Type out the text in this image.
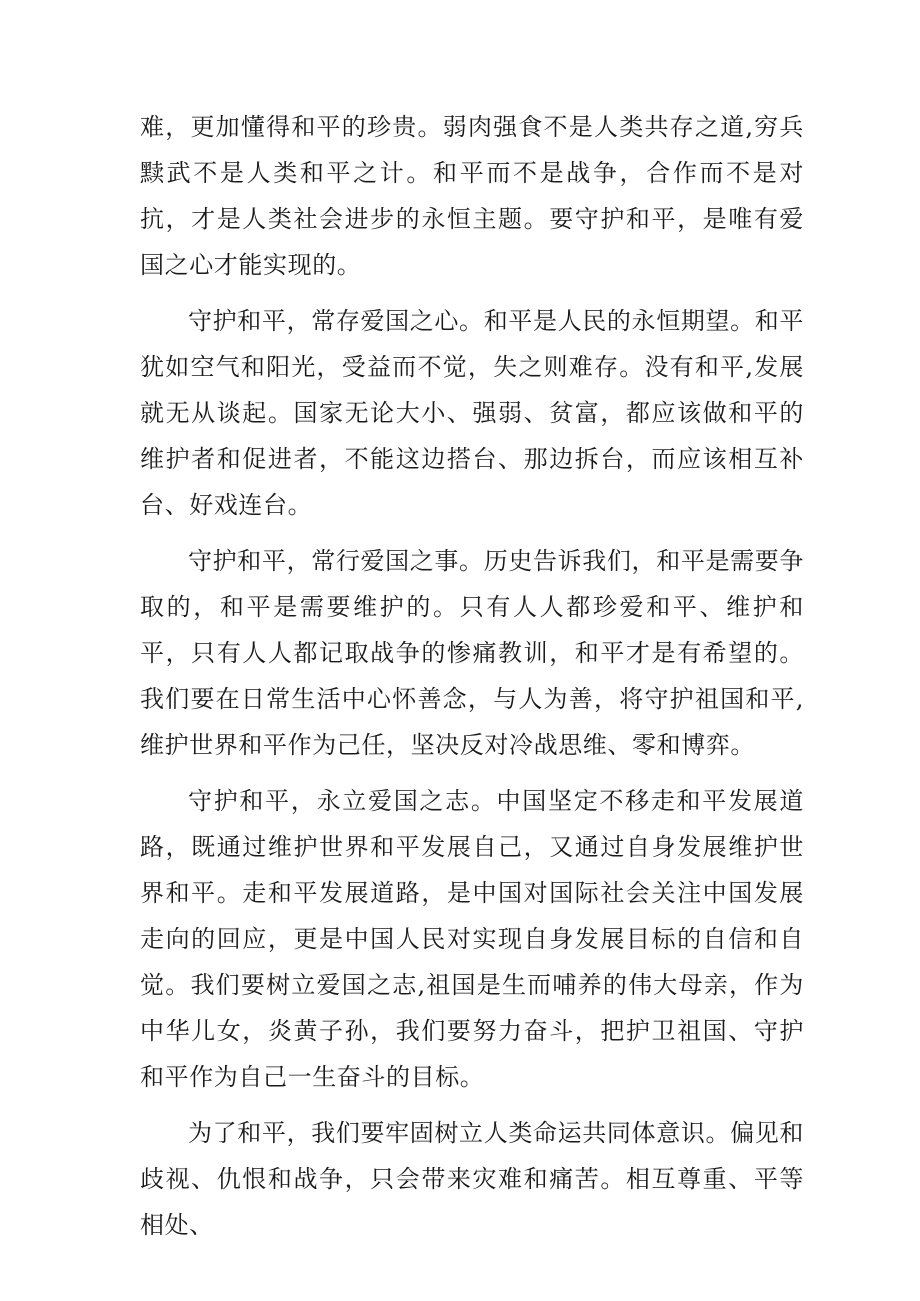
难，更加懂得和平的珍贵。弱肉强食不是人类共存之道,穷兵黩武不是人类和平之计。和平而不是战争，合作而不是对抗，才是人类社会进步的永恒主题。要守护和平，是唯有爱国之心才能实现的。

守护和平，常存爱国之心。和平是人民的永恒期望。和平犹如空气和阳光，受益而不觉，失之则难存。没有和平,发展就无从谈起。国家无论大小、强弱、贫富，都应该做和平的维护者和促进者，不能这边搭台、那边拆台，而应该相互补台、好戏连台。

守护和平，常行爱国之事。历史告诉我们，和平是需要争取的，和平是需要维护的。只有人人都珍爱和平、维护和平，只有人人都记取战争的惨痛教训，和平才是有希望的。我们要在日常生活中心怀善念，与人为善，将守护祖国和平,维护世界和平作为己任，坚决反对冷战思维、零和博弈。

守护和平，永立爱国之志。中国坚定不移走和平发展道路，既通过维护世界和平发展自己，又通过自身发展维护世界和平。走和平发展道路，是中国对国际社会关注中国发展走向的回应，更是中国人民对实现自身发展目标的自信和自觉。我们要树立爱国之志,祖国是生而哺养的伟大母亲，作为中华儿女，炎黄子孙，我们要努力奋斗，把护卫祖国、守护和平作为自己一生奋斗的目标。

为了和平，我们要牢固树立人类命运共同体意识。偏见和歧视、仇恨和战争，只会带来灾难和痛苦。相互尊重、平等相处、
